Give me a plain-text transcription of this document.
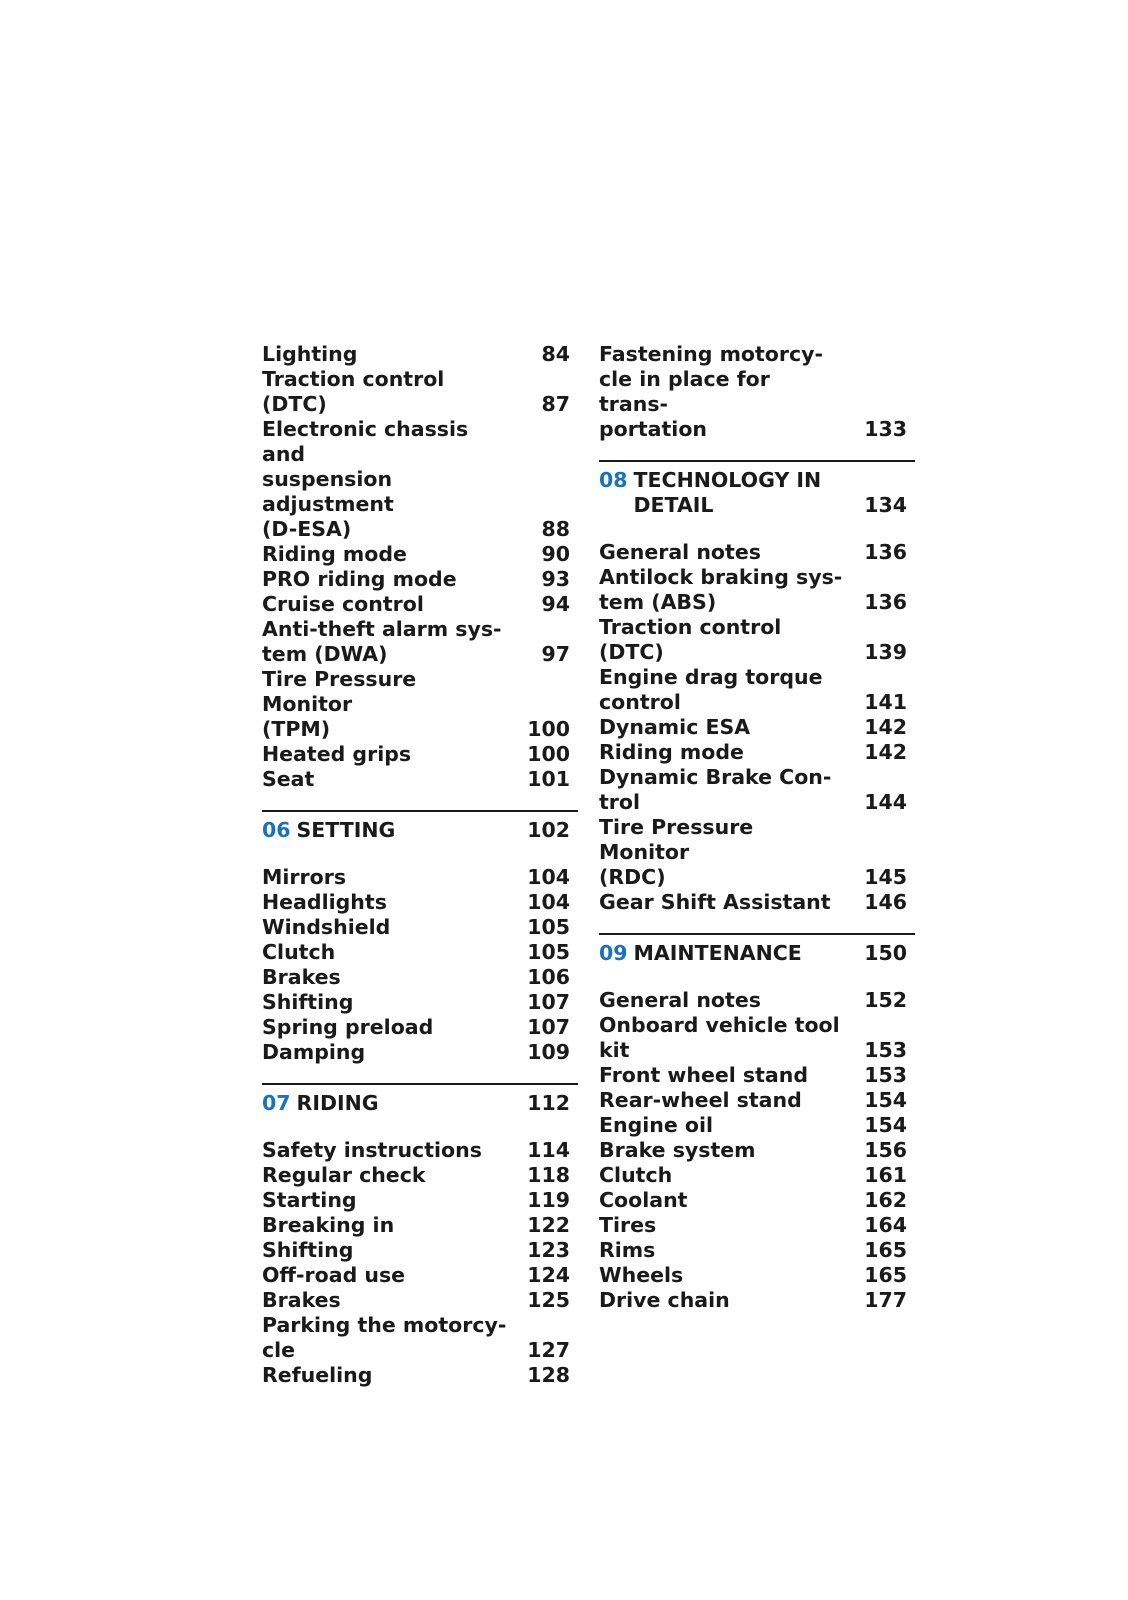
Lighting	84
Traction control (DTC)	87
Electronic chassis and
suspension adjustment
(D-ESA)	88
Riding mode	90
PRO riding mode	93
Cruise control	94
Anti-theft alarm sys-
tem (DWA)	97
Tire Pressure Monitor
(TPM)	100
Heated grips	100
Seat	101
06 SETTING	102
Mirrors	104
Headlights	104
Windshield	105
Clutch	105
Brakes	106
Shifting	107
Spring preload	107
Damping	109
07 RIDING	112
Safety instructions	114
Regular check	118
Starting	119
Breaking in	122
Shifting	123
Off-road use	124
Brakes	125
Parking the motorcy-
cle	127
Refueling	128
Fastening motorcy-
cle in place for trans-
portation	133
08 TECHNOLOGY IN
DETAIL	134
General notes	136
Antilock braking sys-
tem (ABS)	136
Traction control
(DTC)	139
Engine drag torque
control	141
Dynamic ESA	142
Riding mode	142
Dynamic Brake Con-
trol	144
Tire Pressure Monitor
(RDC)	145
Gear Shift Assistant	146
09 MAINTENANCE	150
General notes	152
Onboard vehicle tool
kit	153
Front wheel stand	153
Rear-wheel stand	154
Engine oil	154
Brake system	156
Clutch	161
Coolant	162
Tires	164
Rims	165
Wheels	165
Drive chain	177
